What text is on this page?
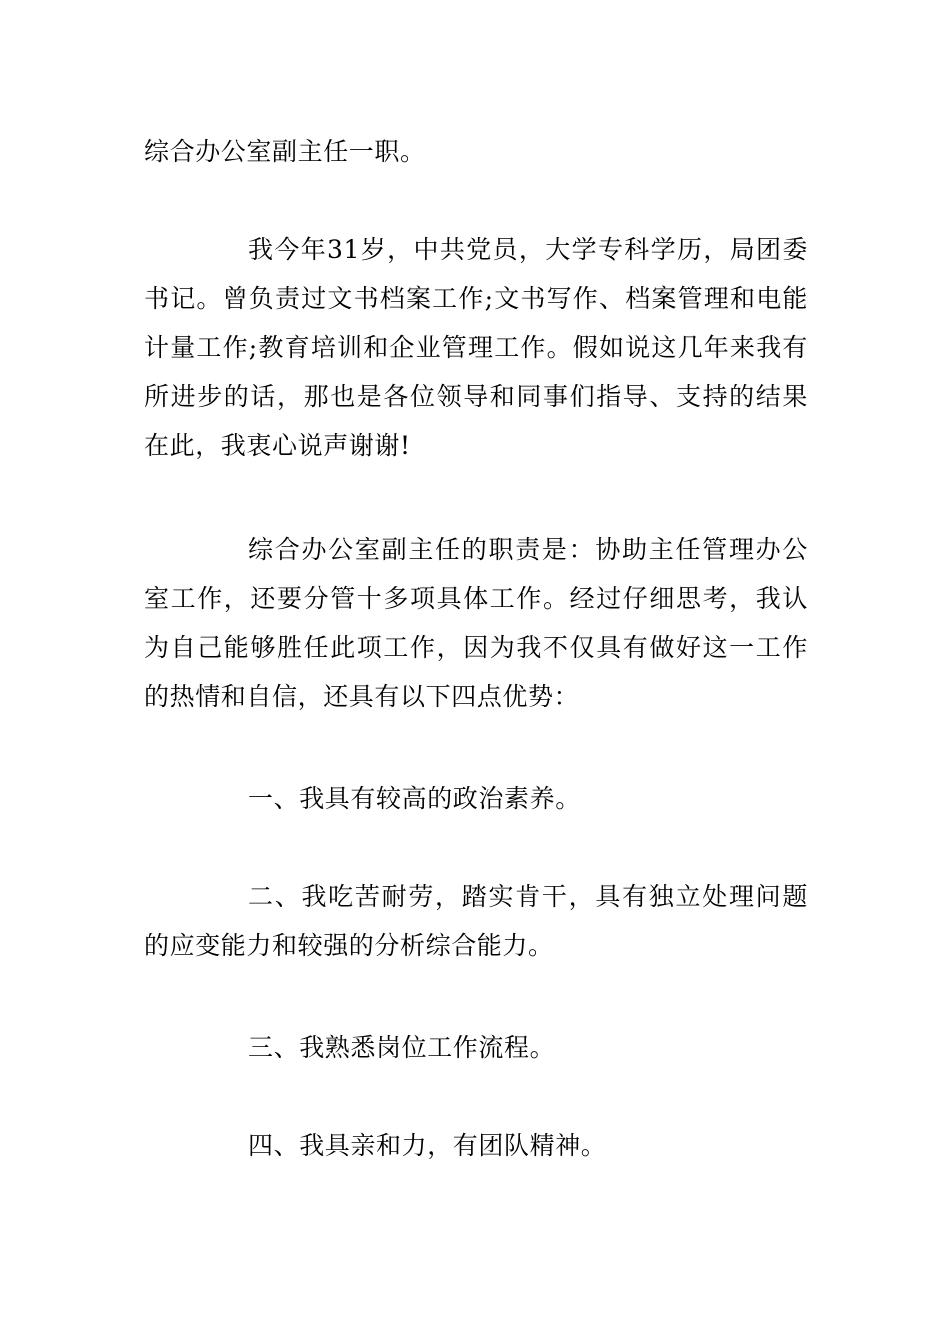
综合办公室副主任一职。

我今年31岁，中共党员，大学专科学历，局团委书记。曾负责过文书档案工作;文书写作、档案管理和电能计量工作;教育培训和企业管理工作。假如说这几年来我有所进步的话，那也是各位领导和同事们指导、支持的结果在此，我衷心说声谢谢!

综合办公室副主任的职责是：协助主任管理办公室工作，还要分管十多项具体工作。经过仔细思考，我认为自己能够胜任此项工作，因为我不仅具有做好这一工作的热情和自信，还具有以下四点优势：

一、我具有较高的政治素养。

二、我吃苦耐劳，踏实肯干，具有独立处理问题的应变能力和较强的分析综合能力。

三、我熟悉岗位工作流程。

四、我具亲和力，有团队精神。
